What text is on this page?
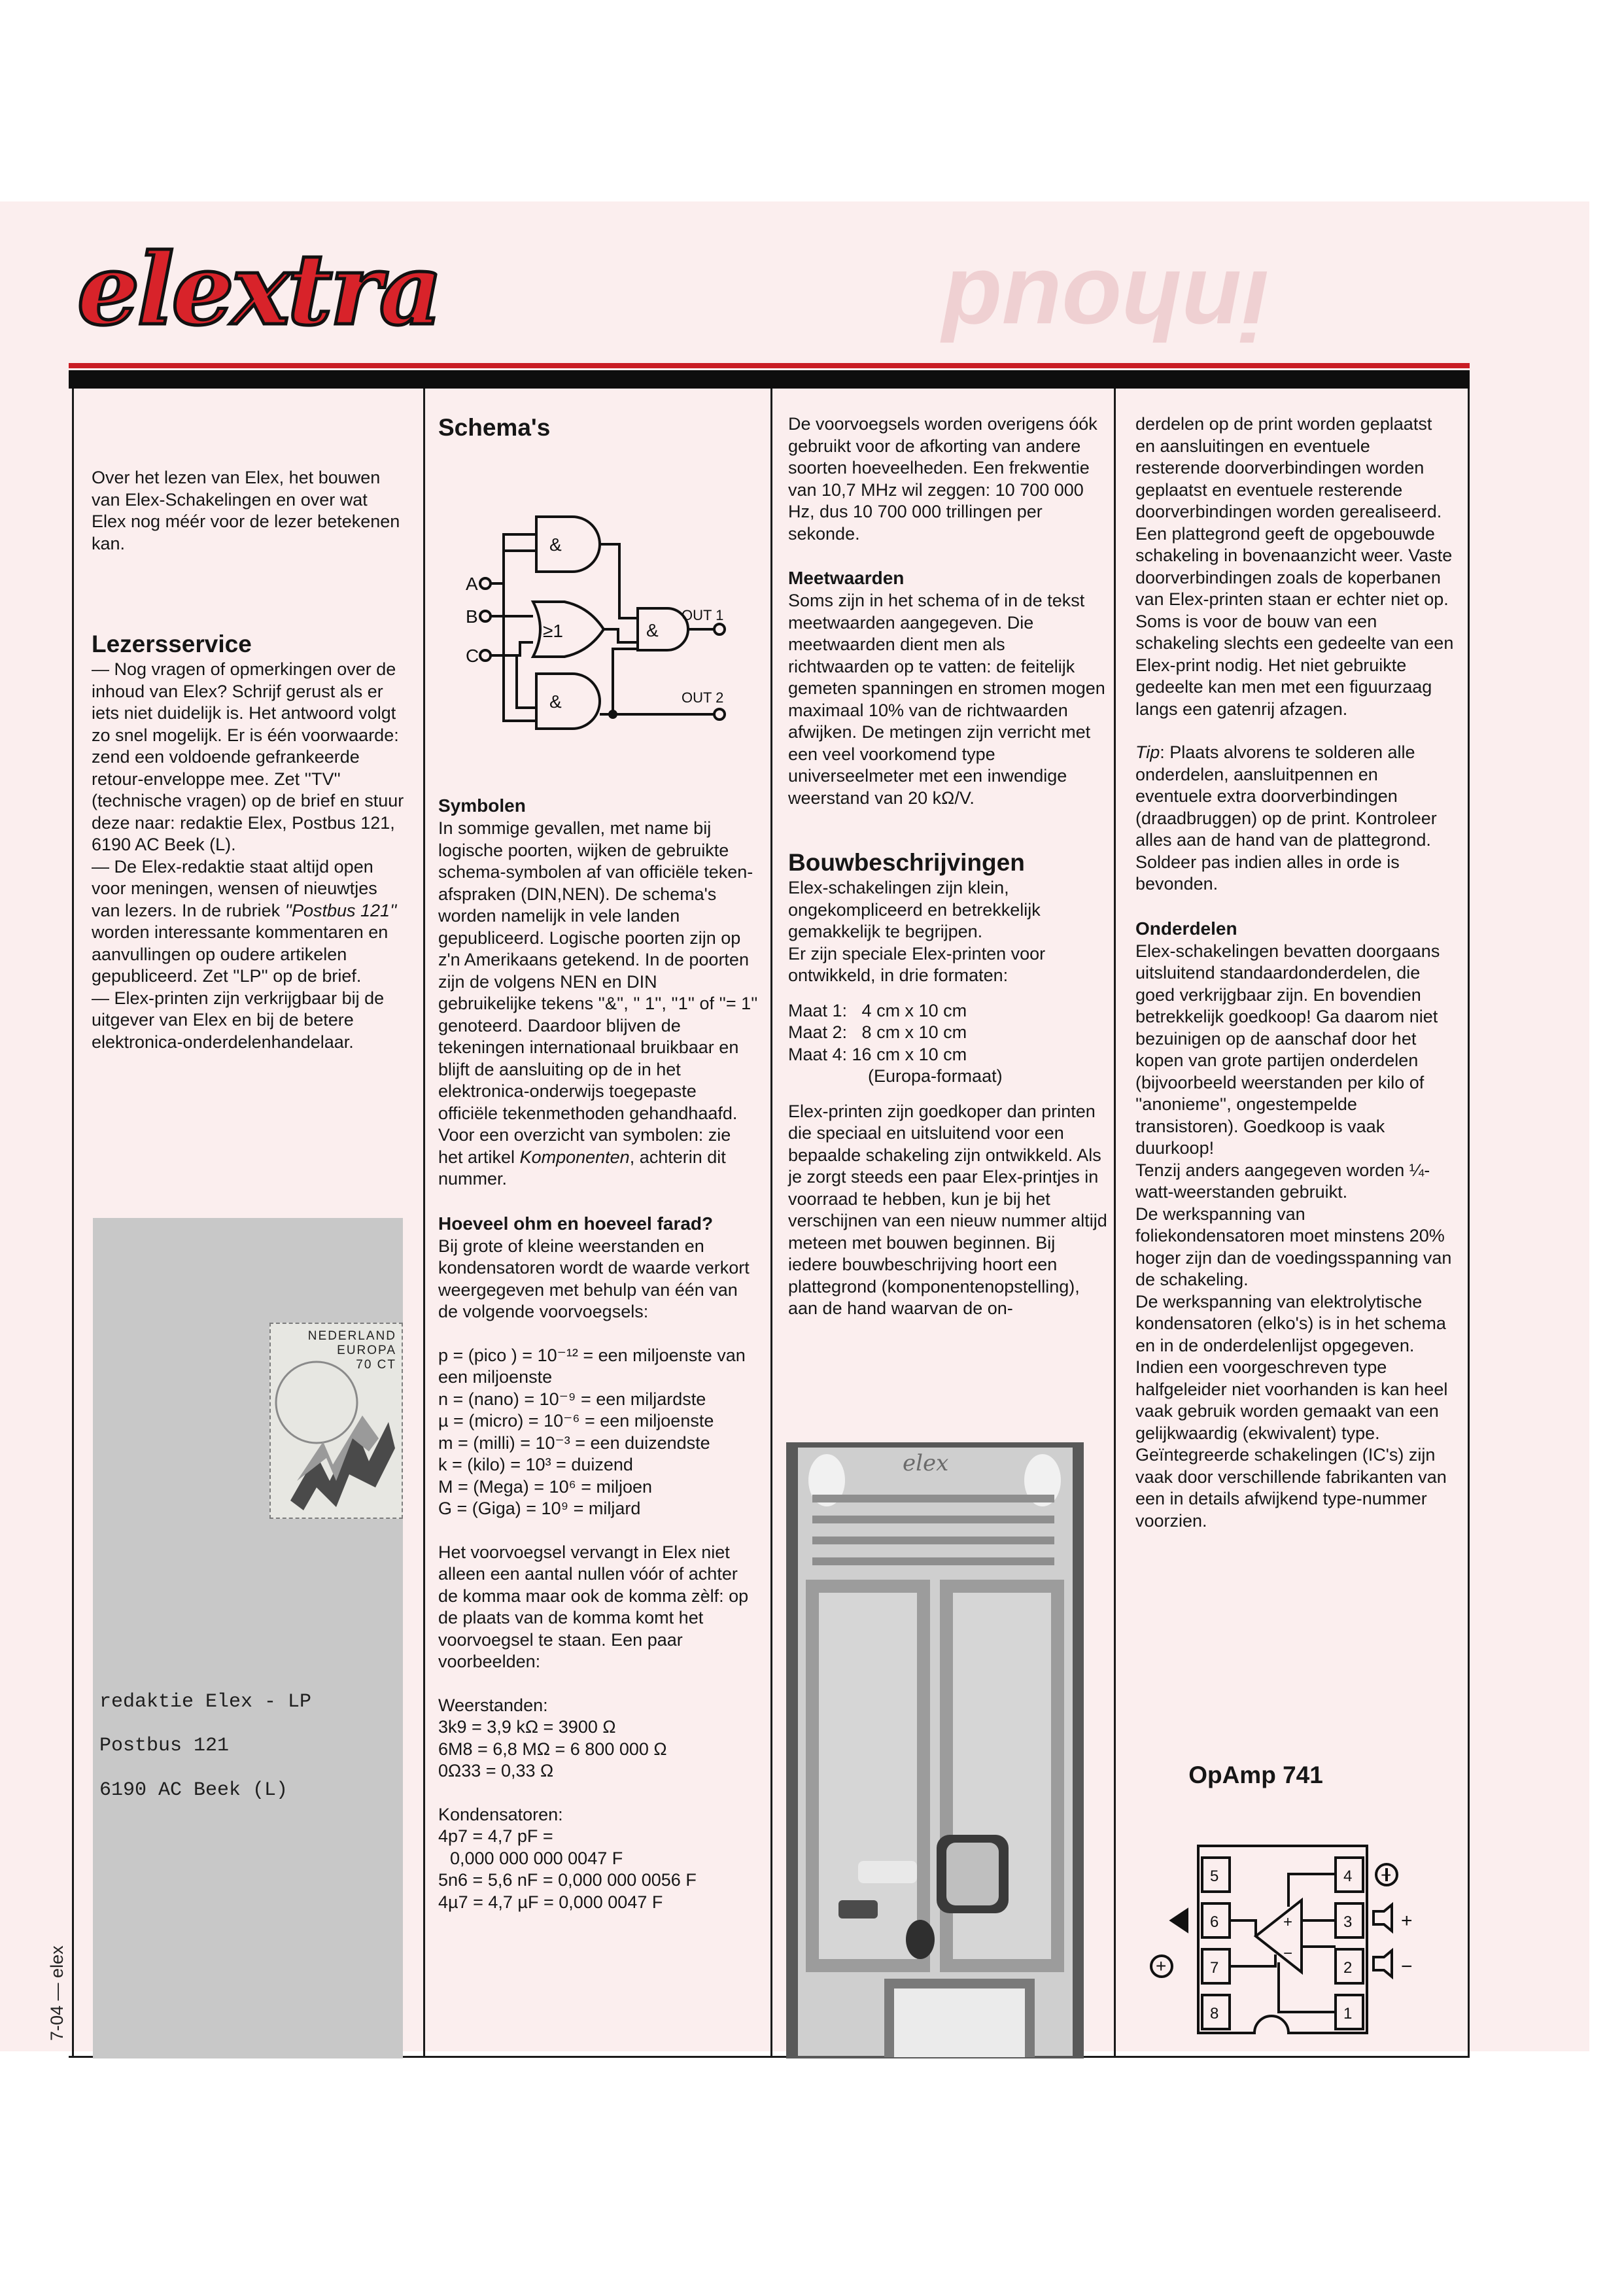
inhoud
elextra

Over het lezen van Elex, het bouwen van Elex-Schakelingen en over wat Elex nog méér voor de lezer betekenen kan.

Lezersservice

— Nog vragen of opmerkingen over de inhoud van Elex? Schrijf gerust als er iets niet duidelijk is. Het antwoord volgt zo snel mogelijk. Er is één voorwaarde: zend een voldoende gefrankeerde retour-enveloppe mee. Zet ''TV'' (technische vragen) op de brief en stuur deze naar: redaktie Elex, Postbus 121, 6190 AC Beek (L).

— De Elex-redaktie staat altijd open voor meningen, wensen of nieuwtjes van lezers. In de rubriek ''Postbus 121'' worden interessante kommentaren en aanvullingen op oudere artikelen gepubliceerd. Zet ''LP'' op de brief.

— Elex-printen zijn verkrijgbaar bij de uitgever van Elex en bij de betere elektronica-onderdelenhandelaar.

NEDERLAND
EUROPA
70 CT
redaktie Elex - LP
Postbus 121
6190 AC Beek (L)
7-04 — elex
Schema's
&
≥1	&
&
A
B
C
OUT 1
OUT 2
Symbolen

In sommige gevallen, met name bij logische poorten, wijken de gebruikte schema-symbolen af van officiële teken-afspraken (DIN,NEN). De schema's worden namelijk in vele landen gepubliceerd. Logische poorten zijn op z'n Amerikaans getekend. In de poorten zijn de volgens NEN en DIN gebruikelijke tekens ''&'', '' 1'', ''1'' of ''= 1'' genoteerd. Daardoor blijven de tekeningen internationaal bruikbaar en blijft de aansluiting op de in het elektronica-onderwijs toegepaste officiële tekenmethoden gehandhaafd. Voor een overzicht van symbolen: zie het artikel Komponenten, achterin dit nummer.

Hoeveel ohm en hoeveel farad?

Bij grote of kleine weerstanden en kondensatoren wordt de waarde verkort weergegeven met behulp van één van de volgende voorvoegsels:

p = (pico ) = 10⁻¹² = een miljoenste van een miljoenste

n = (nano) = 10⁻⁹ = een miljardste

µ = (micro) = 10⁻⁶ = een miljoenste

m = (milli) = 10⁻³ = een duizendste

k = (kilo) = 10³ = duizend

M = (Mega) = 10⁶ = miljoen

G = (Giga) = 10⁹ = miljard

Het voorvoegsel vervangt in Elex niet alleen een aantal nullen vóór of achter de komma maar ook de komma zèlf: op de plaats van de komma komt het voorvoegsel te staan. Een paar voorbeelden:

Weerstanden:

3k9 = 3,9 kΩ = 3900 Ω

6M8 = 6,8 MΩ = 6 800 000 Ω

0Ω33 = 0,33 Ω

Kondensatoren:

4p7 = 4,7 pF =

0,000 000 000 0047 F

5n6 = 5,6 nF = 0,000 000 0056 F

4µ7 = 4,7 µF = 0,000 0047 F

De voorvoegsels worden overigens óók gebruikt voor de afkorting van andere soorten hoeveelheden. Een frekwentie van 10,7 MHz wil zeggen: 10 700 000 Hz, dus 10 700 000 trillingen per sekonde.

Meetwaarden

Soms zijn in het schema of in de tekst meetwaarden aangegeven. Die meetwaarden dient men als richtwaarden op te vatten: de feitelijk gemeten spanningen en stromen mogen maximaal 10% van de richtwaarden afwijken. De metingen zijn verricht met een veel voorkomend type universeelmeter met een inwendige weerstand van 20 kΩ/V.

Bouwbeschrijvingen

Elex-schakelingen zijn klein, ongekompliceerd en betrekkelijk gemakkelijk te begrijpen.

Er zijn speciale Elex-printen voor ontwikkeld, in drie formaten:

Maat 1:   4 cm x 10 cm

Maat 2:   8 cm x 10 cm

Maat 4: 16 cm x 10 cm

(Europa-formaat)

Elex-printen zijn goedkoper dan printen die speciaal en uitsluitend voor een bepaalde schakeling zijn ontwikkeld. Als je zorgt steeds een paar Elex-printjes in voorraad te hebben, kun je bij het verschijnen van een nieuw nummer altijd meteen met bouwen beginnen. Bij iedere bouwbeschrijving hoort een plattegrond (komponentenopstelling), aan de hand waarvan de on-

elex

derdelen op de print worden geplaatst en aansluitingen en eventuele resterende doorverbindingen worden geplaatst en eventuele resterende doorverbindingen worden gerealiseerd. Een plattegrond geeft de opgebouwde schakeling in bovenaanzicht weer. Vaste doorverbindingen zoals de koperbanen van Elex-printen staan er echter niet op.

Soms is voor de bouw van een schakeling slechts een gedeelte van een Elex-print nodig. Het niet gebruikte gedeelte kan men met een figuurzaag langs een gatenrij afzagen.

Tip: Plaats alvorens te solderen alle onderdelen, aansluitpennen en eventuele extra doorverbindingen (draadbruggen) op de print. Kontroleer alles aan de hand van de plattegrond. Soldeer pas indien alles in orde is bevonden.

Onderdelen

Elex-schakelingen bevatten doorgaans uitsluitend standaardonderdelen, die goed verkrijgbaar zijn. En bovendien betrekkelijk goedkoop! Ga daarom niet bezuinigen op de aanschaf door het kopen van grote partijen onderdelen (bijvoorbeeld weerstanden per kilo of ''anonieme'', ongestempelde transistoren). Goedkoop is vaak duurkoop!

Tenzij anders aangegeven worden ¼-watt-weerstanden gebruikt.

De werkspanning van foliekondensatoren moet minstens 20% hoger zijn dan de voedingsspanning van de schakeling.

De werkspanning van elektrolytische kondensatoren (elko's) is in het schema en in de onderdelenlijst opgegeven.

Indien een voorgeschreven type halfgeleider niet voorhanden is kan heel vaak gebruik worden gemaakt van een gelijkwaardig (ekwivalent) type. Geïntegreerde schakelingen (IC's) zijn vaak door verschillende fabrikanten van een in details afwijkend type-nummer voorzien.

OpAmp 741
5
6
7
8
4
3
2
1
+
−
+
−
+
−
